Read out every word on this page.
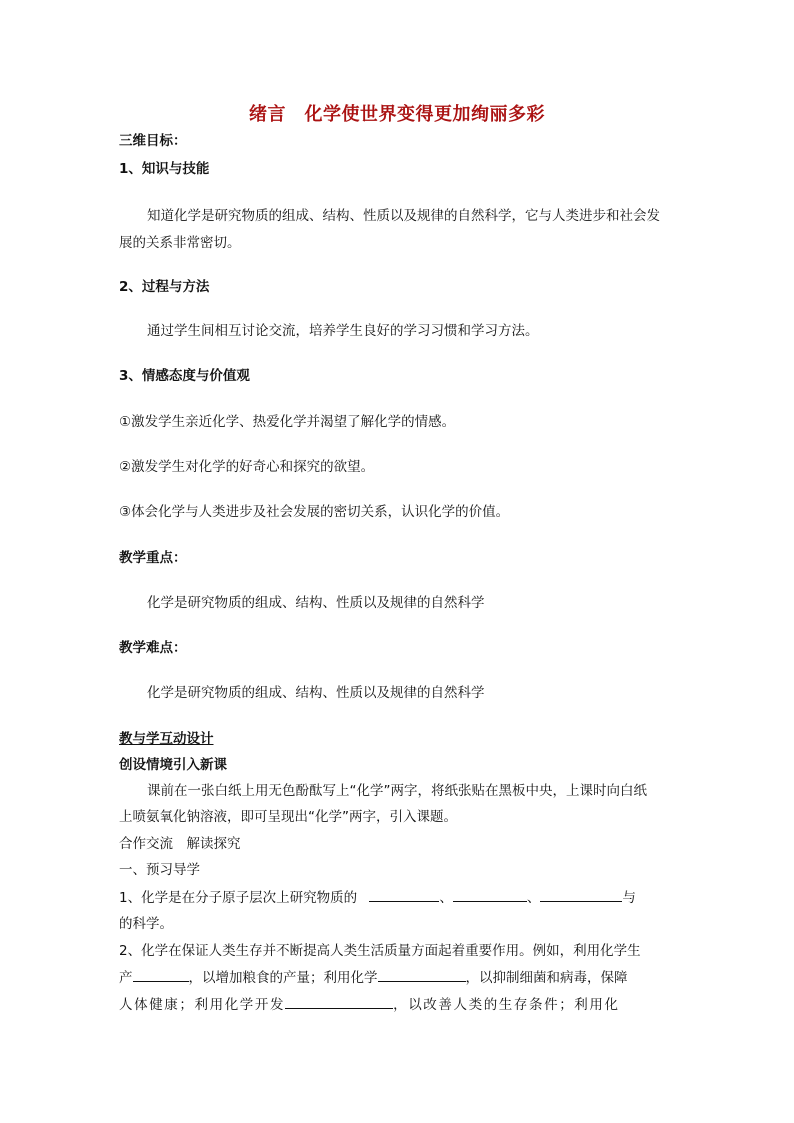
绪言　化学使世界变得更加绚丽多彩
三维目标：
1、知识与技能
知道化学是研究物质的组成、结构、性质以及规律的自然科学，它与人类进步和社会发
展的关系非常密切。
2、过程与方法
通过学生间相互讨论交流，培养学生良好的学习习惯和学习方法。
3、情感态度与价值观
①激发学生亲近化学、热爱化学并渴望了解化学的情感。
②激发学生对化学的好奇心和探究的欲望。
③体会化学与人类进步及社会发展的密切关系，认识化学的价值。
教学重点：
化学是研究物质的组成、结构、性质以及规律的自然科学
教学难点：
化学是研究物质的组成、结构、性质以及规律的自然科学
教与学互动设计
创设情境引入新课
课前在一张白纸上用无色酚酞写上“化学”两字，将纸张贴在黑板中央，上课时向白纸
上喷氨氧化钠溶液，即可呈现出“化学”两字，引入课题。
合作交流　解读探究
一、预习导学
1、化学是在分子原子层次上研究物质的	、	、	与
的科学。
2、化学在保证人类生存并不断提高人类生活质量方面起着重要作用。例如，利用化学生
产	，以增加粮食的产量；利用化学	，以抑制细菌和病毒，保障
人体健康；利用化学开发	，以改善人类的生存条件；利用化
